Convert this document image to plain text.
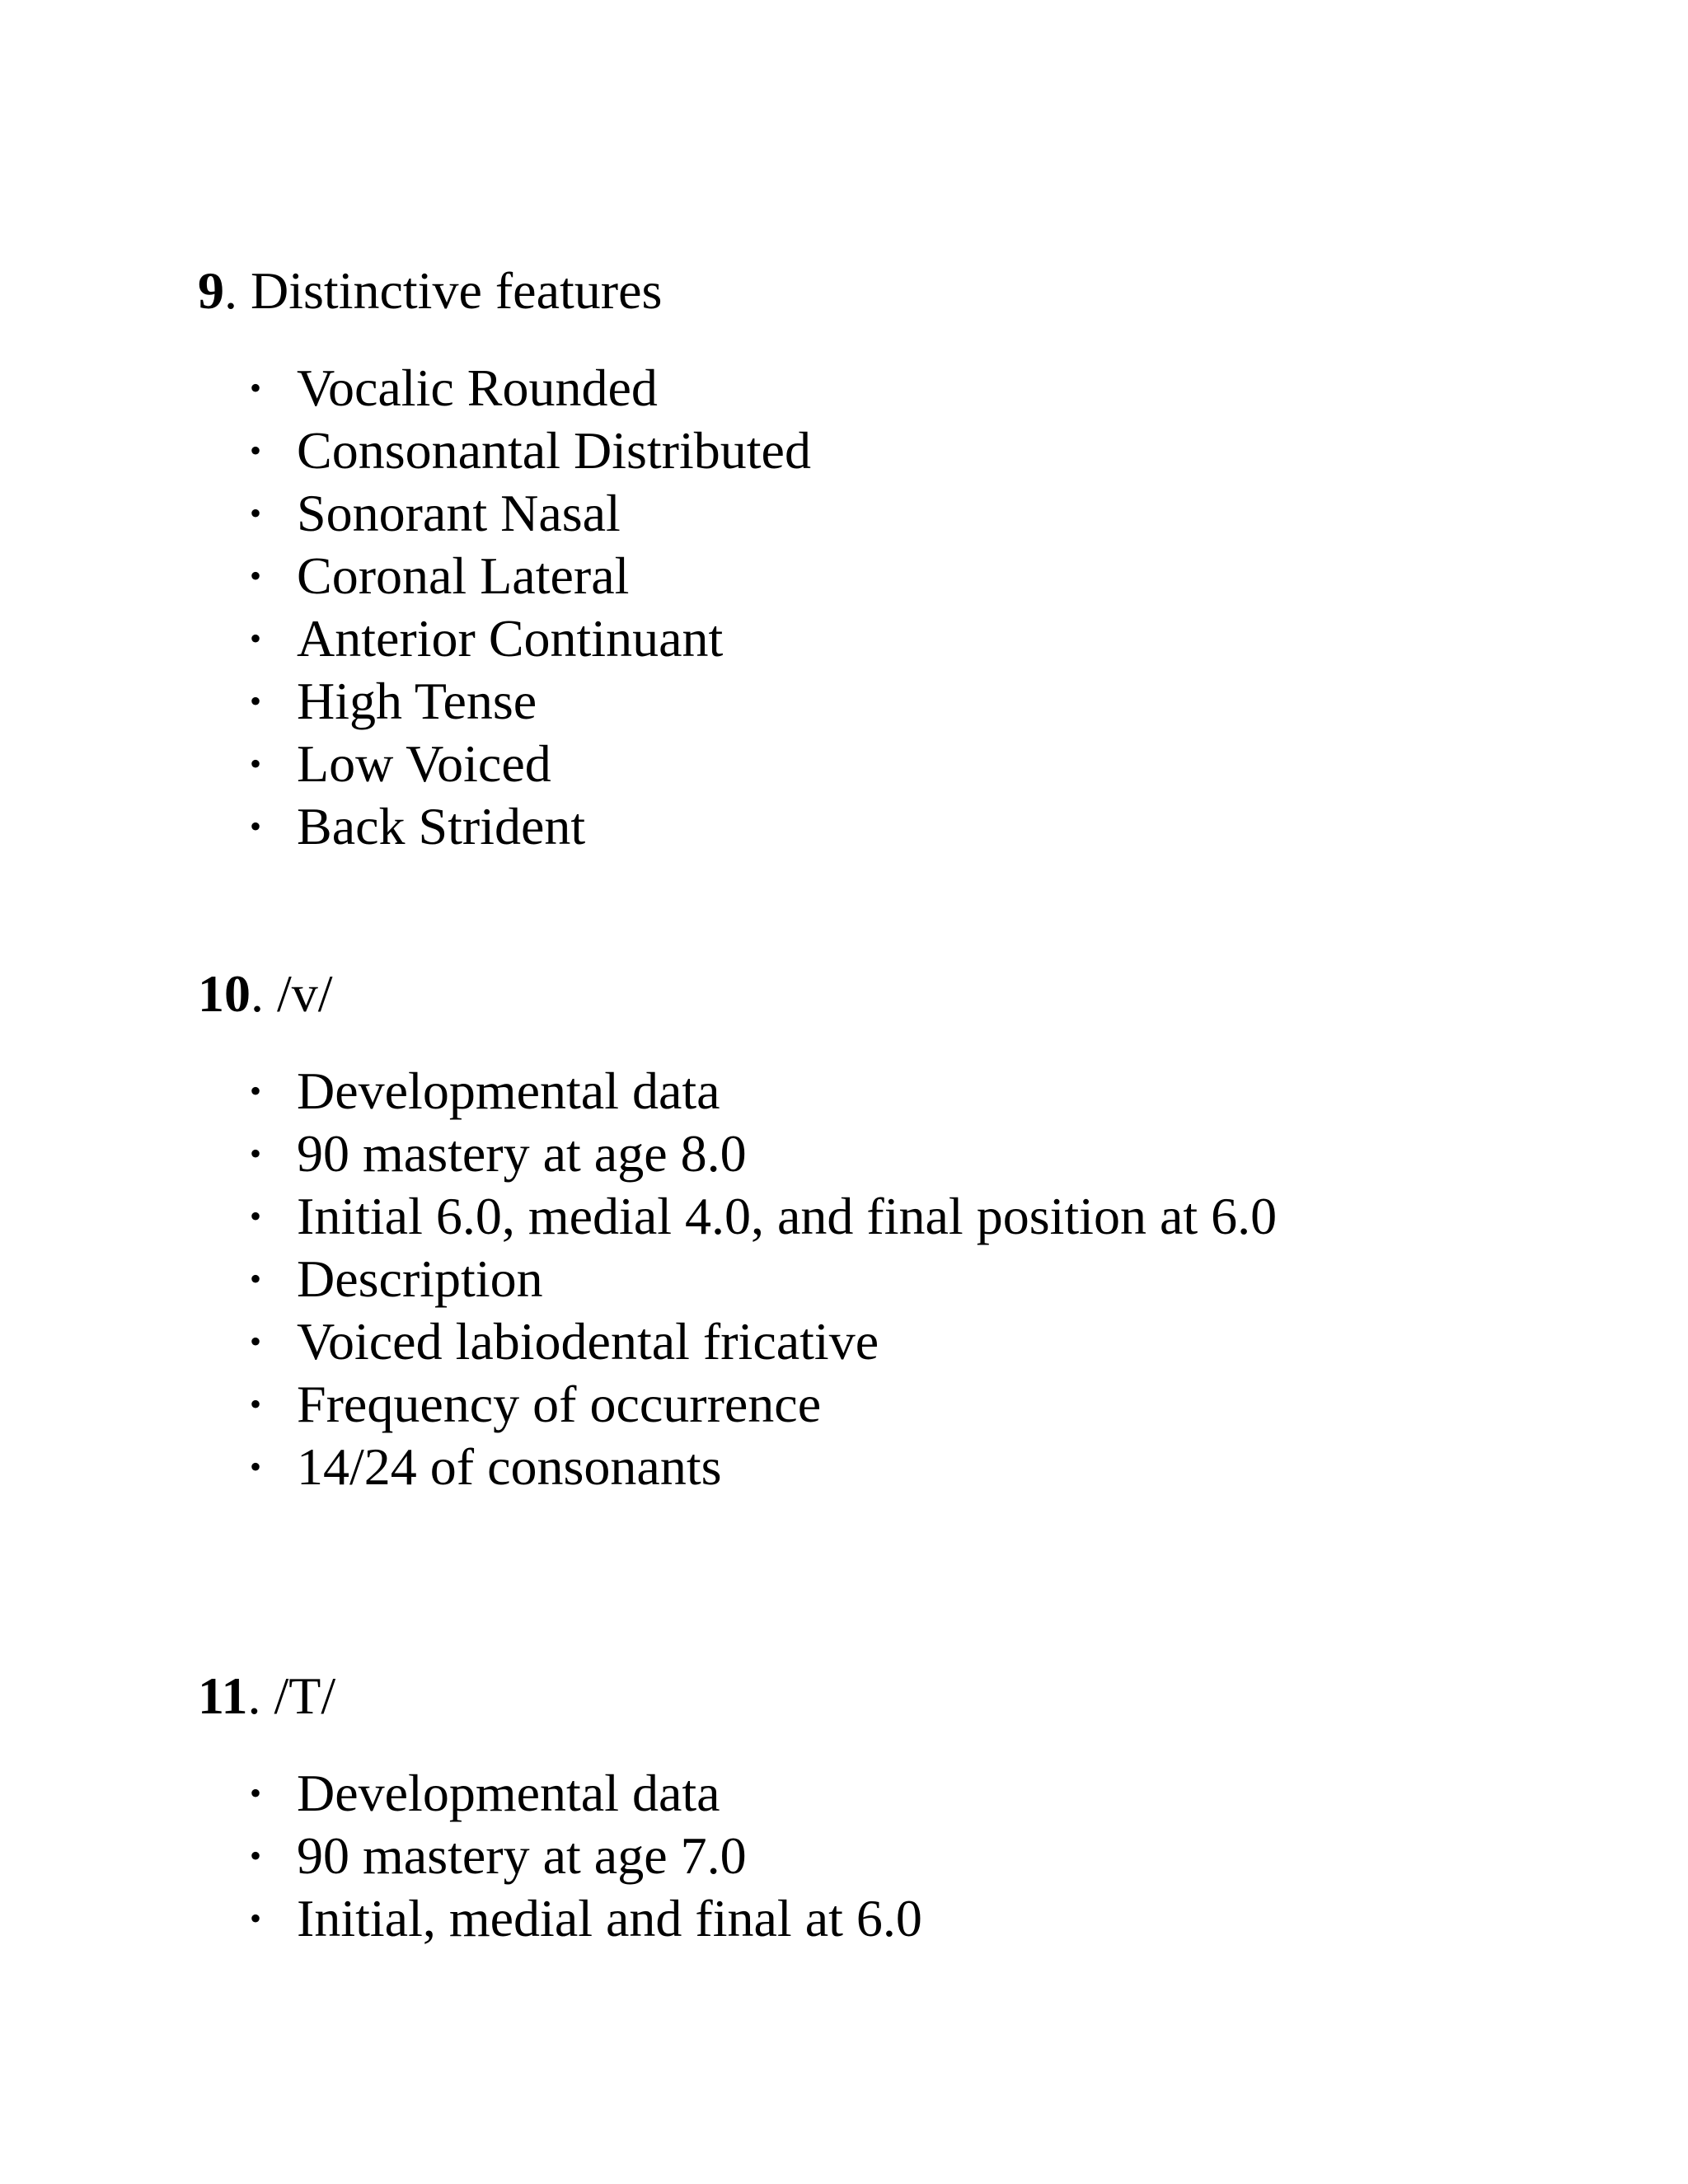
9. Distinctive features

• Vocalic Rounded
• Consonantal Distributed
• Sonorant Nasal
• Coronal Lateral
• Anterior Continuant
• High Tense
• Low Voiced
• Back Strident

10. /v/

• Developmental data
• 90 mastery at age 8.0
• Initial 6.0, medial 4.0, and final position at 6.0
• Description
• Voiced labiodental fricative
• Frequency of occurrence
• 14/24 of consonants

11. /T/

• Developmental data
• 90 mastery at age 7.0
• Initial, medial and final at 6.0
